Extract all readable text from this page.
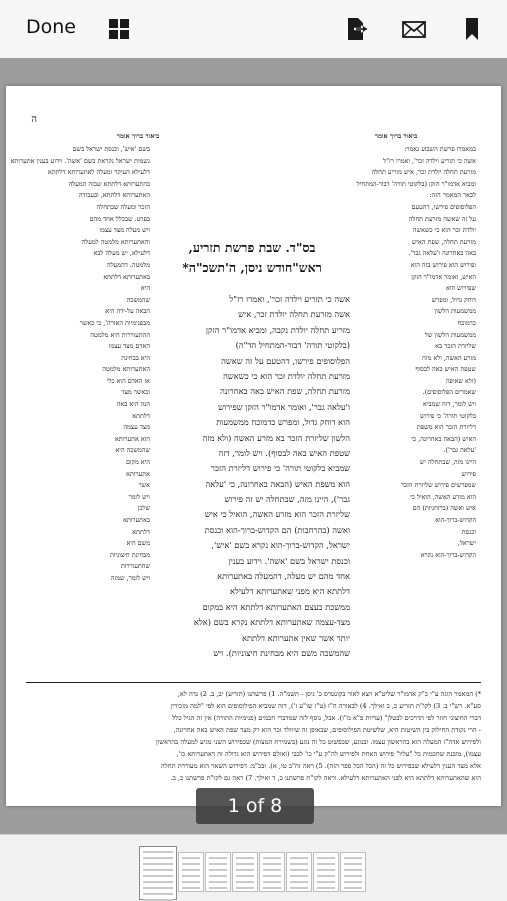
Done
ה
ביאור ברוך אומר	ביאור ברוך אומר
בשם 'איש', וכנסת ישראל בשם
נשמות ישראל נקראת בשם 'אשה'. וידוע בענין אתערותא
דלעילא העיקר ומעלה לאתערותא דלתתא
בהתערותא דלתתא שבזה המעלה
האתערותא דלתתא, ובעבודה
הזכר ומעלה שבתחלה
בפרט. שבכלל אחד מהם
ויש מעלה מצד עצמו
והאתערותא מלמטה למעלה
דלעילא, יש מעלה לבא
מלמטה. דהמעלה
באתערותא דלתתא
היא
שהמשכה
הבאה על-ידה היא
מבפנימיות האורה', כי כאשר
ההתעוררות היא מלמטה
האדם מצד עצמו
היא בבחינת
האתערותא מלמטה
אז האדם הוא כלי
וכאשר מצד
הנה היא באה
דלתתא
מצד עצמה
הוא אתערותא
שהמשכה היא
היא מקום
אתערותא
אשר
ויש לומר
שלכן
באתערותא
דלתתא
משם היא
מבחינת חיצוניות
שהתעוררות
ויש לומר, שמזה
במאמרו פרשת השבוע נאמר:
אשה כי תזריע וילדה זכר', ואמרו רז"ל
מזרעת תחלה יולדת זכר, איש מזריע תחלה
ומביא אדמו"ר הזקן (בלקוטי תורה' דבור-המתחיל
לבאר המאמר הזה:
הפלוסופים פירשו, דהטעם
על זה שאשה מזרעת תחלה
יולדת זכר הוא כי כשאשה
מזרעת תחלה, שפת האיש
באה באחרונה ו'עלאה גבר'.
ופירוש הוא פירוש בזה הוא
האיש, ואומר אדמו"ר הזקן
שפירוש הוא
דוחק גדול, ומפרש
ממשמעות הלשון
כדמוכח
ממשמעות הלשון של
שליזרת הזכר בא
מזרע האשה, ולא מזה
שטפת האיש באה לבסוף
(ולא שאיפה
שאמרים הפלוסופים).
ויש לומר, דזה שמביא
בלקוטי תורה' כי פירוש
דליזרת הזכר הוא משפת
האיש (הבאה באחרונה, כי
'עלאה גבר').
היינו מזה, שבתחלה יש
פירוש
שמפרשים פירוש שליזרת הזכר
הוא מזרע האשה, הואיל כי
איש ואשה (ברוחניות) הם
הקדוש-ברוך-הוא
וכנסת
ישראל,
הקדוש-ברוך-הוא נקרא
בס"ד. שבת פרשת תזריע,
ראש"חודש ניסן, ה'תשכ"ה*
אשה כי תזריע וילדה זכר', ואמרו רז"ל
אשה מזרעת תחלה יולדת זכר, איש
מזריע תחלה יולדת נקבה, ומביא אדמו"ר הזקן
(בלקוטי תורה' דבור-המתחיל הד"ה)
הפלוסופים פירשו, דהטעם על זה שאשה
מזרעת תחלה יולדת זכר הוא כי כשאשה
מזרעת תחלה, שפת האיש באה באחרונה
ו'עלאה גבר', ואומר אדמו"ר הזקן שפירוש
הוא דוחק גדול, ומפרש כדמוכח ממשמעות
הלשון שליזרת הזכר בא מזרע האשה (ולא מזה
שטפת האיש באה לבסוף). ויש לומר, דזה
שמביא בלקוטי תורה' כי פירוש דליזרת הזכר
הוא משפת האיש (הבאה באחרונה, כי 'עלאה
גבר'), היינו מזה, שבתחלה יש זה פירוש
שליזרת הזכר הוא מזרע האשה, הואיל כי איש
ואשה (בהרחבות) הם הקדוש-ברוך-הוא וכנסת
ישראל, הקדוש-ברוך-הוא נקרא בשם 'איש',
וכנסת ישראל בשם 'אשה'. וידוע בענין
אחד מהם יש מעלה, דהמעלה באתערותא
דלתתא היא מפני שאתערותא דלעילא
ממשכת בעצם האתערותא דלתתא היא במקום
מצד-עצמה שאתערותא דלתתא נקרא בשם (אלא
יותר אשר שאין אתערותא דלתתא
שהמשכה משם היא מבחינת חיצוניות). ויש
*) המאמר הוגה ע"י כ"ק אדמו"ר שליט"א ויצא לאור בקונטרס כ' ניסן - תשמ"ה. 1) פרשתנו (תזריע) יב, ב. 2) נדה לא,
סע"א. רש"י ב. 3) לקו"ת תזריע כ, ב ואילך. 4) לבאורה ה"ז (ט"ז שו"ע ז'), דזה שמביא הפילוסופים הוא לפי "למה מזכירין
דברי החיצוני חוזר לפי הדרכים לבטלן" (עדיות פ"א מ"ו). אבל, נוסף לזה שמדברי חכמים (פנימיות התורה) אין זה הגיל כלל
- הרי נקודת החילוק בין השיטות היא, שלשיטת הפילוסופים, שבאופן זה שיוולד זכר הוא רק מצד שפת האיש באה אחרונה,
ולפירוש אדה"ז המעלה הוא בהראשון עצמו. ובנוגע, שכפשוט כל זה נוגע (בשמירת המצות) שכפירוש השני מגיע למעלה בהראשון
עצמו), מובנת שחכמות כל "עליו" פירוש האחת ולפירוש לה"ק ע"י כו' לבבי (ואולם דפירוש הוא גדולה זה דאתערותא כו',
אלא מצד הענין דלעילא שבפירוש כל זה (הכל הכל ספר הזה). 5) ראה זח"ב טו, א). ובכ"מ. דפירוש השאר הוא מעוררת תחלה
הוא שהאתערותא דלתתא היא לפני האתערותא דלעילא. וראה לקו"ת פרשתנו כ, ד ואילך. 7) ראה גם לקו"ת פרשתנו כ, ב.
1 of 8
